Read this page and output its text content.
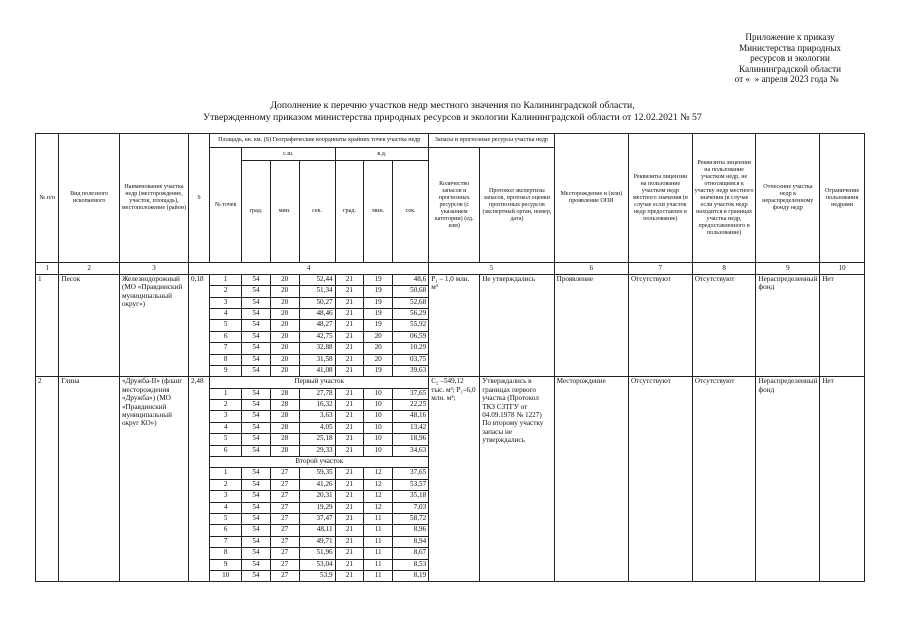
Приложение к приказу
Министерства природных
ресурсов и экологии
Калининградской области
от « » апреля 2023 года №  
Дополнение к перечню участков недр местного значения по Калининградской области,
Утвержденному приказом министерства природных ресурсов и экологии Калининградской области от 12.02.2021 № 57
№ п/п	Вид полезного ископаемого	Наименование участка недр (месторождение, участок, площадь), местоположение (район)	S	Площадь, кв. км. (S) Географические координаты крайних точек участка недр							Запасы и прогнозные ресурсы участка недр		Месторождение и (или) проявление ОПИ	Реквизиты лицензии на пользование участком недр местного значения (в случае если участок недр предоставлен в пользование)	Реквизиты лицензии на пользование участком недр, не относящимся к участку недр местного значения (в случае если участок недр находится в границах участка недр, предоставленного в пользование)	Отнесение участка недр к нераспределенному фонду недр	Ограничение пользования недрами
				№ точек	с.ш.			в.д.			Количество запасов и прогнозных ресурсов (с указанием категории) (ед. изм)	Протокол экспертизы запасов, протокол оценки прогнозных ресурсов (экспертный орган, номер, дата)					
					град.	мин.	сек.	град.	мин.	сек.							
1	2	3	4								5		6	7	8	9	10
1	Песок	Железнодорожный (МО «Правдинский муниципальный округ»)	0,18	1	54	20	52,44	21	19	48,6	P₁ – 1,0 млн. м³	Не утверждались	Проявление	Отсутствуют	Отсутствуют	Нераспределенный фонд	Нет
				2	54	20	51,34	21	19	50,68							
				3	54	20	50,27	21	19	52,68							
				4	54	20	48,46	21	19	56,29							
				5	54	20	48,27	21	19	55,92							
				6	54	20	42,75	21	20	06,59							
				7	54	20	32,88	21	20	10,29							
				8	54	20	31,58	21	20	03,75							
				9	54	20	41,08	21	19	39,63							
2	Глина	«Дружба-II» (фланг месторождения «Дружба») (МО «Правдинский муниципальный округ КО»)	2,48	Первый участок							C₂ –549,12 тыс. м³; P₁–6,0 млн. м³;	Утверждались в границах первого участка (Протокол ТКЗ СЗТГУ от 04.09.1978 № 1227) По второму участку запасы не утверждались	Месторождение	Отсутствуют	Отсутствуют	Нераспределенный фонд	Нет
				1	54	28	27,78	21	10	37,65							
				2	54	28	16,32	21	10	22,25							
				3	54	28	3,63	21	10	48,16							
				4	54	28	4,05	21	10	13,42							
				5	54	28	25,18	21	10	18,96							
				6	54	28	29,33	21	10	34,63							
				Второй участок													
				1	54	27	59,35	21	12	37,65							
				2	54	27	41,26	21	12	53,57							
				3	54	27	20,31	21	12	35,18							
				4	54	27	19,29	21	12	7,03							
				5	54	27	37,47	21	11	58,72							
				6	54	27	48,11	21	11	8,96							
				7	54	27	49,71	21	11	8,94							
				8	54	27	51,96	21	11	8,67							
				9	54	27	53,04	21	11	8,53							
				10	54	27	53,9	21	11	8,19							
